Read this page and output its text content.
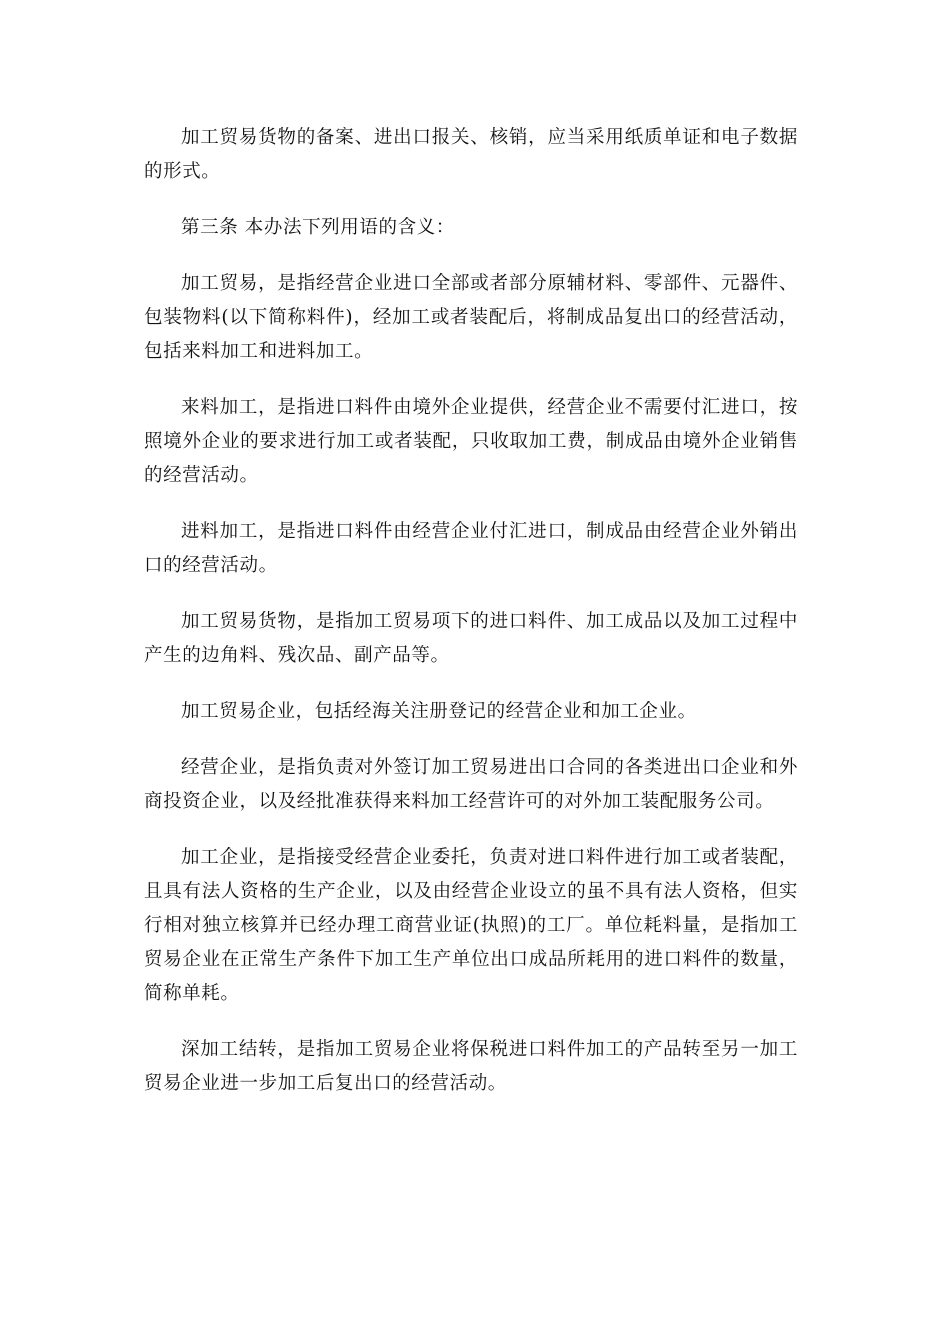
加工贸易货物的备案、进出口报关、核销，应当采用纸质单证和电子数据的形式。

第三条 本办法下列用语的含义：

加工贸易，是指经营企业进口全部或者部分原辅材料、零部件、元器件、包装物料(以下简称料件)，经加工或者装配后，将制成品复出口的经营活动，包括来料加工和进料加工。

来料加工，是指进口料件由境外企业提供，经营企业不需要付汇进口，按照境外企业的要求进行加工或者装配，只收取加工费，制成品由境外企业销售的经营活动。

进料加工，是指进口料件由经营企业付汇进口，制成品由经营企业外销出口的经营活动。

加工贸易货物，是指加工贸易项下的进口料件、加工成品以及加工过程中产生的边角料、残次品、副产品等。

加工贸易企业，包括经海关注册登记的经营企业和加工企业。

经营企业，是指负责对外签订加工贸易进出口合同的各类进出口企业和外商投资企业，以及经批准获得来料加工经营许可的对外加工装配服务公司。

加工企业，是指接受经营企业委托，负责对进口料件进行加工或者装配，且具有法人资格的生产企业，以及由经营企业设立的虽不具有法人资格，但实行相对独立核算并已经办理工商营业证(执照)的工厂。单位耗料量，是指加工贸易企业在正常生产条件下加工生产单位出口成品所耗用的进口料件的数量，简称单耗。

深加工结转，是指加工贸易企业将保税进口料件加工的产品转至另一加工贸易企业进一步加工后复出口的经营活动。
